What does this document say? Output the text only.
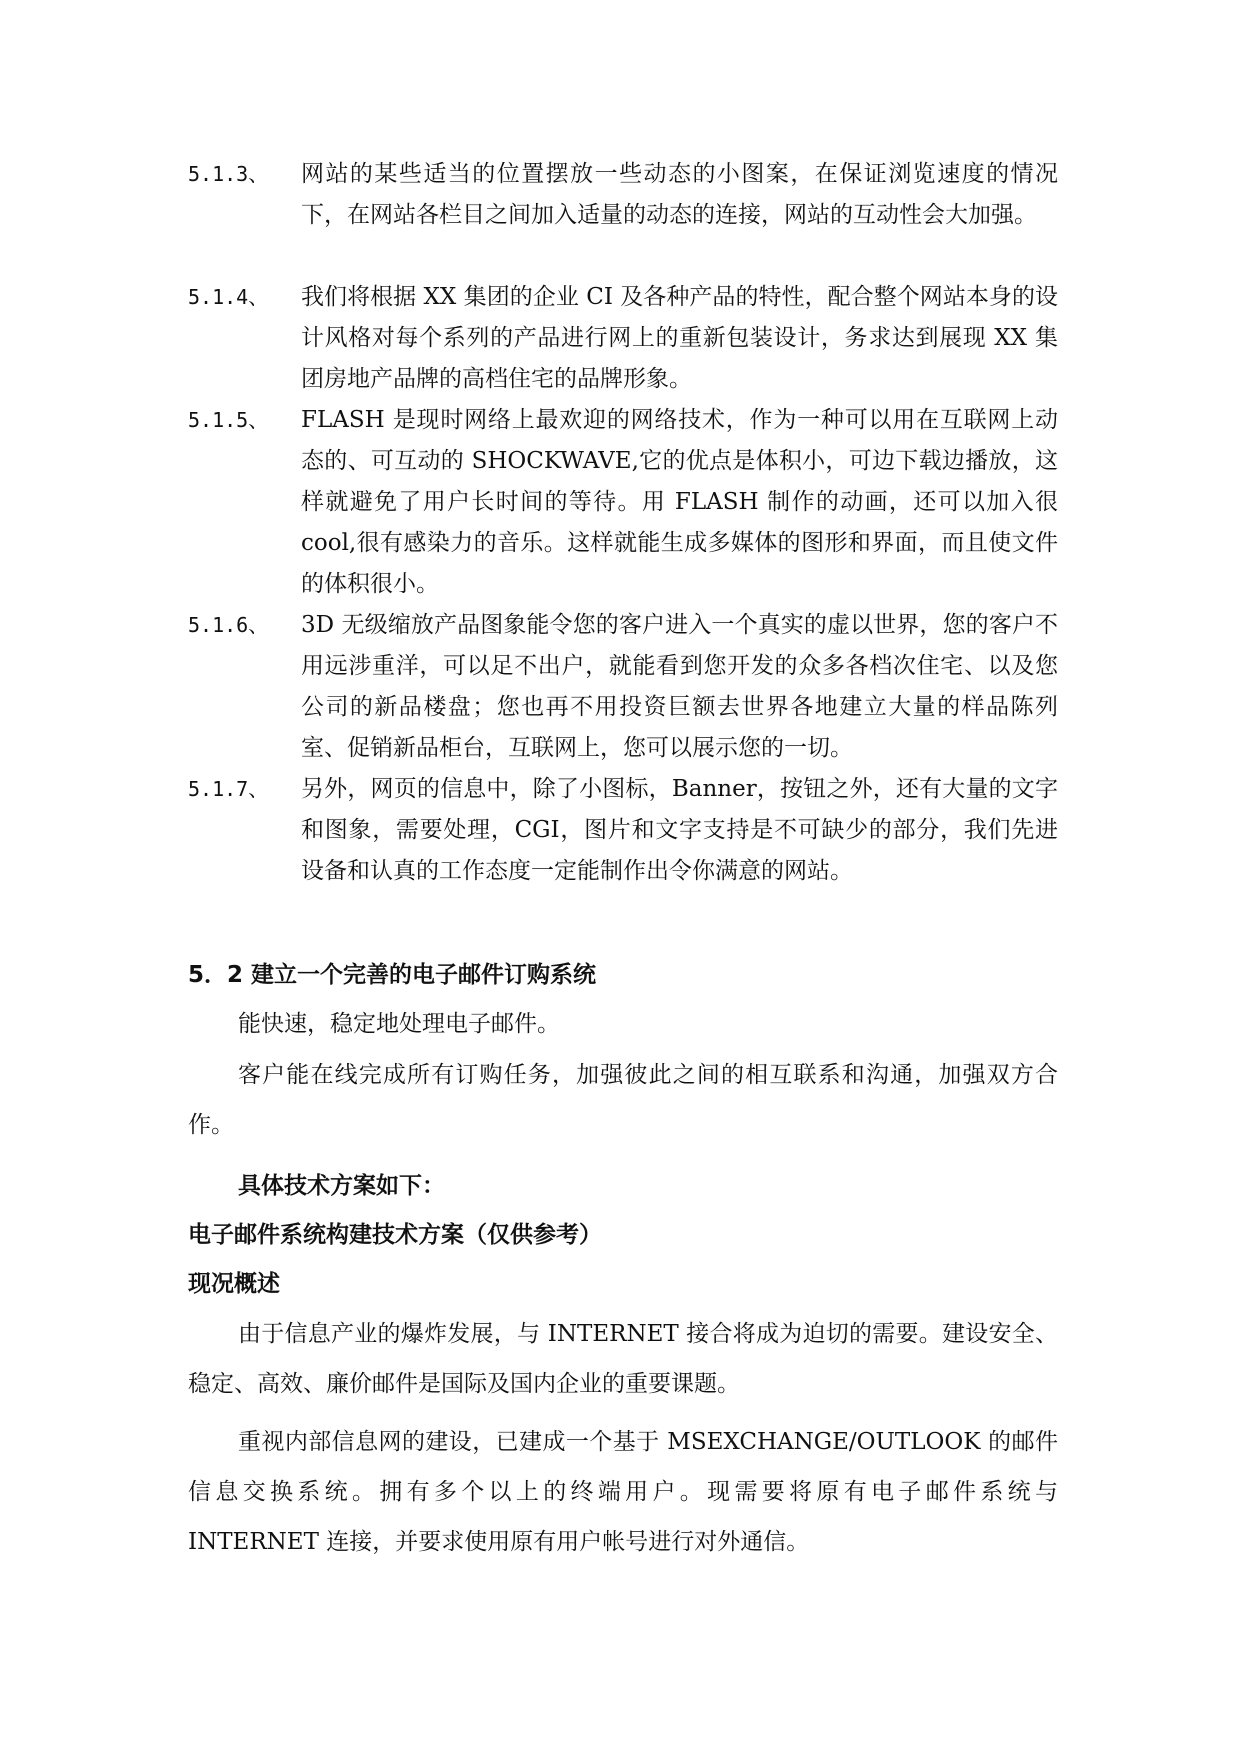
5.1.3、	网站的某些适当的位置摆放一些动态的小图案，在保证浏览速度的情况下，在网站各栏目之间加入适量的动态的连接，网站的互动性会大加强。
5.1.4、	我们将根据 XX 集团的企业 CI 及各种产品的特性，配合整个网站本身的设计风格对每个系列的产品进行网上的重新包装设计，务求达到展现 XX 集团房地产品牌的高档住宅的品牌形象。
5.1.5、	FLASH 是现时网络上最欢迎的网络技术，作为一种可以用在互联网上动态的、可互动的 SHOCKWAVE,它的优点是体积小，可边下载边播放，这样就避免了用户长时间的等待。用 FLASH 制作的动画，还可以加入很 cool,很有感染力的音乐。这样就能生成多媒体的图形和界面，而且使文件的体积很小。
5.1.6、	3D 无级缩放产品图象能令您的客户进入一个真实的虚以世界，您的客户不用远涉重洋，可以足不出户，就能看到您开发的众多各档次住宅、以及您公司的新品楼盘；您也再不用投资巨额去世界各地建立大量的样品陈列室、促销新品柜台，互联网上，您可以展示您的一切。
5.1.7、	另外，网页的信息中，除了小图标，Banner，按钮之外，还有大量的文字和图象，需要处理，CGI，图片和文字支持是不可缺少的部分，我们先进设备和认真的工作态度一定能制作出令你满意的网站。
5．2 建立一个完善的电子邮件订购系统
能快速，稳定地处理电子邮件。
客户能在线完成所有订购任务，加强彼此之间的相互联系和沟通，加强双方合作。
具体技术方案如下：
电子邮件系统构建技术方案（仅供参考）
现况概述
由于信息产业的爆炸发展，与 INTERNET 接合将成为迫切的需要。建设安全、稳定、高效、廉价邮件是国际及国内企业的重要课题。
重视内部信息网的建设，已建成一个基于 MSEXCHANGE/OUTLOOK 的邮件信息交换系统。拥有多个以上的终端用户。现需要将原有电子邮件系统与 INTERNET 连接，并要求使用原有用户帐号进行对外通信。
